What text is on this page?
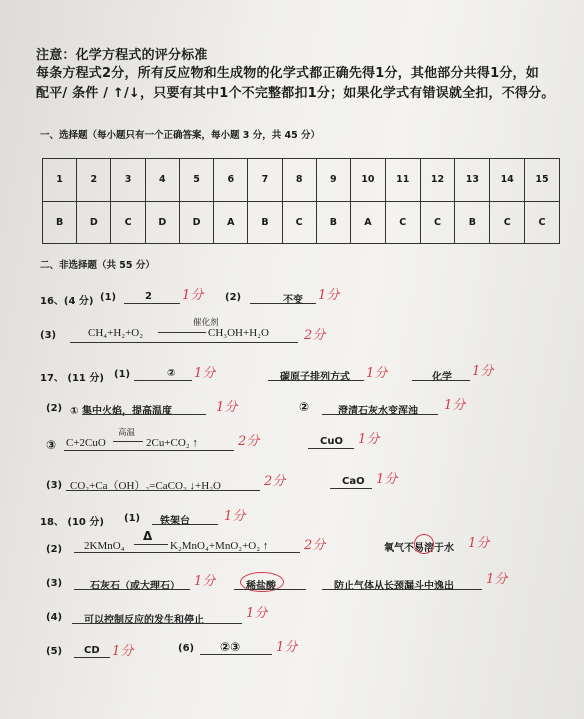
注意：化学方程式的评分标准
每条方程式2分，所有反应物和生成物的化学式都正确先得1分，其他部分共得1分，如
配平/ 条件 / ↑/↓，只要有其中1个不完整都扣1分；如果化学式有错误就全扣，不得分。
一、选择题（每小题只有一个正确答案，每小题 3 分，共 45 分）
1	2	3	4	5	6	7	8	9	10	11	12	13	14	15
B	D	C	D	D	A	B	C	B	A	C	C	B	C	C
二、非选择题（共 55 分）
16、(4 分) (1)	2 1分 (2)	不变 1分
(3)	CH₄+H₂+O₂
催化剂
CH₃OH+H₂O	2分
17、 (11 分) (1)	② 1分	碳原子排列方式 1分	化学 1分
(2) ① 集中火焰，提高温度	1分	②	澄清石灰水变浑浊 1分
③ C+2CuO
高温
2Cu+CO₂ ↑	2分	CuO 1分
(3) CO₂+Ca（OH）₂=CaCO₃ ↓+H₂O	2分	CaO 1分
18、 (10 分) (1) 铁架台	1分
(2) 2KMnO₄
Δ
K₂MnO₄+MnO₂+O₂ ↑	2分	氧气不易溶于水 1分
(3)	石灰石（或大理石） 1分	稀盐酸	防止气体从长颈漏斗中逸出 1分
(4) 可以控制反应的发生和停止	1分
(5) CD 1分	(6) ②③	1分
